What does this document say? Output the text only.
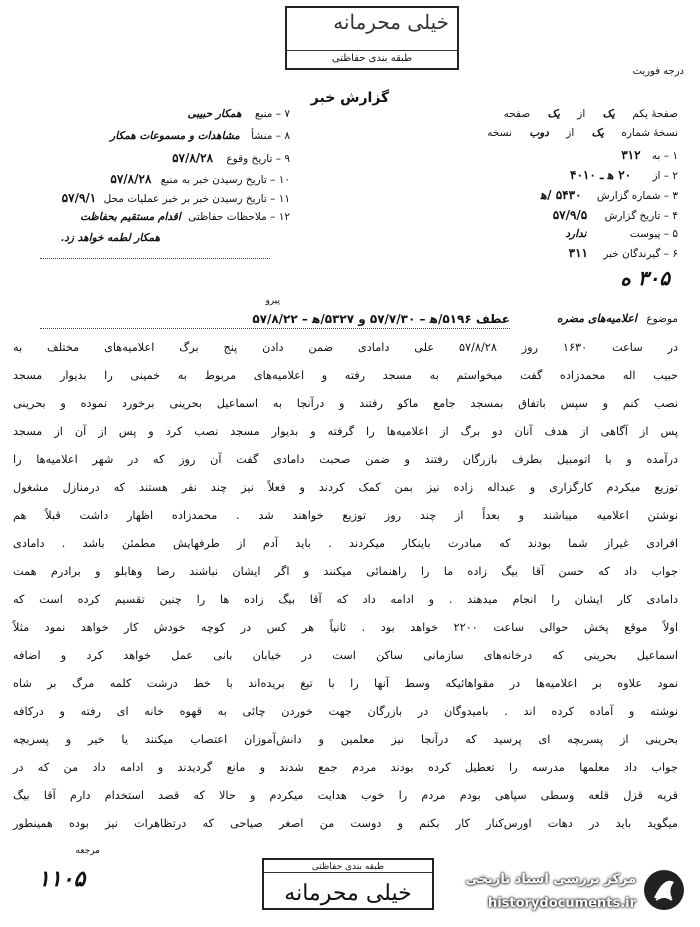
خیلی محرمانه
طبقه بندی حفاظتی
درجه فوریت
گزارش خبر
صفحهٔ یکم یک از یک صفحه
نسخهٔ شماره یک از دوب نسخه
۱ – به ۳۱۲
۲ – از ۲۰ ه‍ ـ ۴۰۱۰
۳ – شماره گزارش ۵۴۳۰ /ه‍
۴ – تاریخ گزارش ۵۷/۹/۵
۵ – پیوست ندارد
۶ – گیرندگان خبر ۳۱۱
۷ – منبع همکار حبیبی
۸ – منشأ مشاهدات و مسموعات همکار
۹ – تاریخ وقوع ۵۷/۸/۲۸
۱۰ – تاریخ رسیدن خبر به منبع ۵۷/۸/۲۸
۱۱ – تاریخ رسیدن خبر بر خبر عملیات محل ۵۷/۹/۱
۱۲ – ملاحظات حفاظتی اقدام مستقیم بحفاظت
همکار لطمه خواهد زد.
۳۰۵ ه
عطف ۵۱۹۶/ه‍ – ۵۷/۷/۳۰ و ۵۳۲۷/ه‍ – ۵۷/۸/۲۲
پیرو
موضوع اعلامیه‌های مضره
در ساعت ۱۶۳۰ روز ۵۷/۸/۲۸ علی دامادی ضمن دادن پنج برگ اعلامیه‌های مختلف به
حبیب اله محمدزاده گفت میخواستم به مسجد رفته و اعلامیه‌های مربوط به خمینی را بدیوار مسجد
نصب کنم و سپس باتفاق بمسجد جامع ماکو رفتند و درآنجا به اسماعیل بحرینی برخورد نموده و بحرینی
پس از آگاهی از هدف آنان دو برگ از اعلامیه‌ها را گرفته و بدیوار مسجد نصب کرد و پس از آن از مسجد
درآمده و با اتومبیل بطرف بازرگان رفتند و ضمن صحبت دامادی گفت آن روز که در شهر اعلامیه‌ها را
توزیع میکردم کارگزاری و عبداله زاده نیز بمن کمک کردند و فعلاً نیز چند نفر هستند که درمنازل مشغول
نوشتن اعلامیه میباشند و بعداً از چند روز توزیع خواهند شد . محمدزاده اظهار داشت قبلاً هم
افرادی غیراز شما بودند که مبادرت باینکار میکردند . باید آدم از طرفهایش مطمئن باشد . دامادی
جواب داد که حسن آقا بیگ زاده ما را راهنمائی میکنند و اگر ایشان نباشند رضا وهابلو و برادرم همت
دامادی کار ایشان را انجام میدهند . و ادامه داد که آقا بیگ زاده ها را چنین تقسیم کرده است که
اولاً موقع پخش حوالی ساعت ۲۲۰۰ خواهد بود . ثانیاً هر کس در کوچه خودش کار خواهد نمود مثلاً
اسماعیل بحرینی که درخانه‌های سازمانی ساکن است در خیابان بانی عمل خواهد کرد و اضافه
نمود علاوه بر اعلامیه‌ها در مقواهائیکه وسط آنها را با تیغ بریده‌اند با خط درشت کلمه مرگ بر شاه
نوشته و آماده کرده اند . بامیدوگان در بازرگان جهت خوردن چائی به قهوه خانه ای رفته و درکافه
بحرینی از پسربچه ای پرسید که درآنجا نیز معلمین و دانش‌آموزان اعتصاب میکنند یا خیر و پسربچه
جواب داد معلمها مدرسه را تعطیل کرده بودند مردم جمع شدند و مانع گردیدند و ادامه داد من که در
قریه قزل قلعه وسطی سپاهی بودم مردم را خوب هدایت میکردم و حالا که قصد استخدام دارم آقا بیگ
میگوید باید در دهات اورس‌کنار کار بکنم و دوست من اصغر صیاحی که درتظاهرات نیز بوده همینطور
۱۱۰۵
مرجعه
طبقه بندی حفاظتی
خیلی محرمانه
مرکز بررسی اسناد تاریخی
historydocuments.ir
